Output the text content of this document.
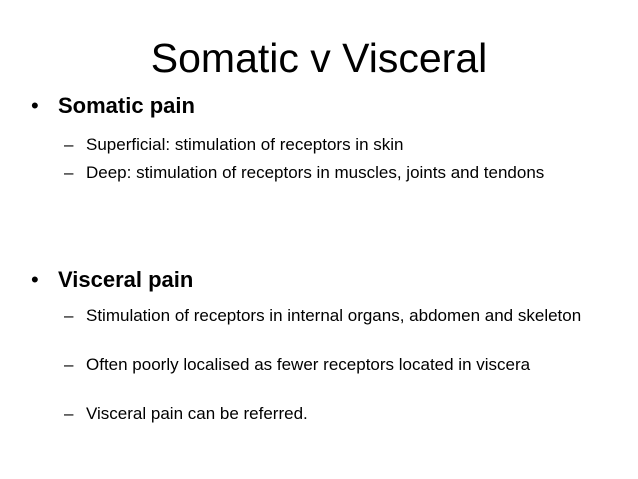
Somatic v Visceral
• Somatic pain
– Superficial: stimulation of receptors in skin
– Deep: stimulation of receptors in muscles, joints and tendons
• Visceral pain
– Stimulation of receptors in internal organs, abdomen and skeleton
– Often poorly localised as fewer receptors located in viscera
– Visceral pain can be referred.
